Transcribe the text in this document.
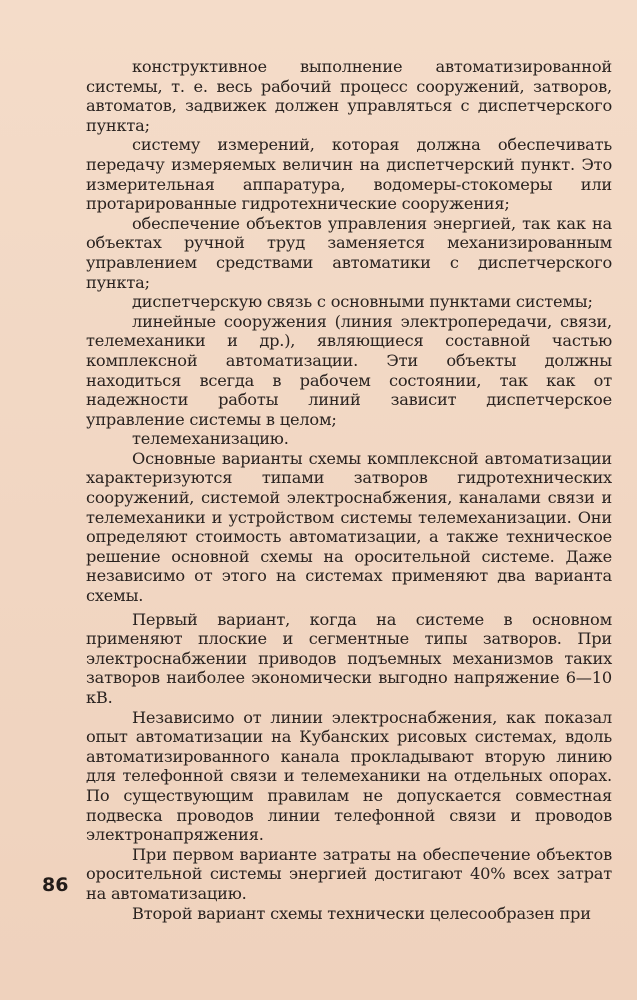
конструктивное выполнение автоматизированной системы, т. е. весь рабочий процесс сооружений, затворов, автоматов, задвижек должен управляться с диспетчерского пункта;

систему измерений, которая должна обеспечивать передачу измеряемых величин на диспетчерский пункт. Это измерительная аппаратура, водомеры-стокомеры или протарированные гидротехнические сооружения;

обеспечение объектов управления энергией, так как на объектах ручной труд заменяется механизированным управлением средствами автоматики с диспетчерского пункта;

диспетчерскую связь с основными пунктами системы;

линейные сооружения (линия электропередачи, связи, телемеханики и др.), являющиеся составной частью комплексной автоматизации. Эти объекты должны находиться всегда в рабочем состоянии, так как от надежности работы линий зависит диспетчерское управление системы в целом;

телемеханизацию.

Основные варианты схемы комплексной автоматизации характеризуются типами затворов гидротехнических сооружений, системой электроснабжения, каналами связи и телемеханики и устройством системы телемеханизации. Они определяют стоимость автоматизации, а также техническое решение основной схемы на оросительной системе. Даже независимо от этого на системах применяют два варианта схемы.

Первый вариант, когда на системе в основном применяют плоские и сегментные типы затворов. При электроснабжении приводов подъемных механизмов таких затворов наиболее экономически выгодно напряжение 6—10 кВ.

Независимо от линии электроснабжения, как показал опыт автоматизации на Кубанских рисовых системах, вдоль автоматизированного канала прокладывают вторую линию для телефонной связи и телемеханики на отдельных опорах. По существующим правилам не допускается совместная подвеска проводов линии телефонной связи и проводов электронапряжения.

При первом варианте затраты на обеспечение объектов оросительной системы энергией достигают 40% всех затрат на автоматизацию.

Второй вариант схемы технически целесообразен при

86
